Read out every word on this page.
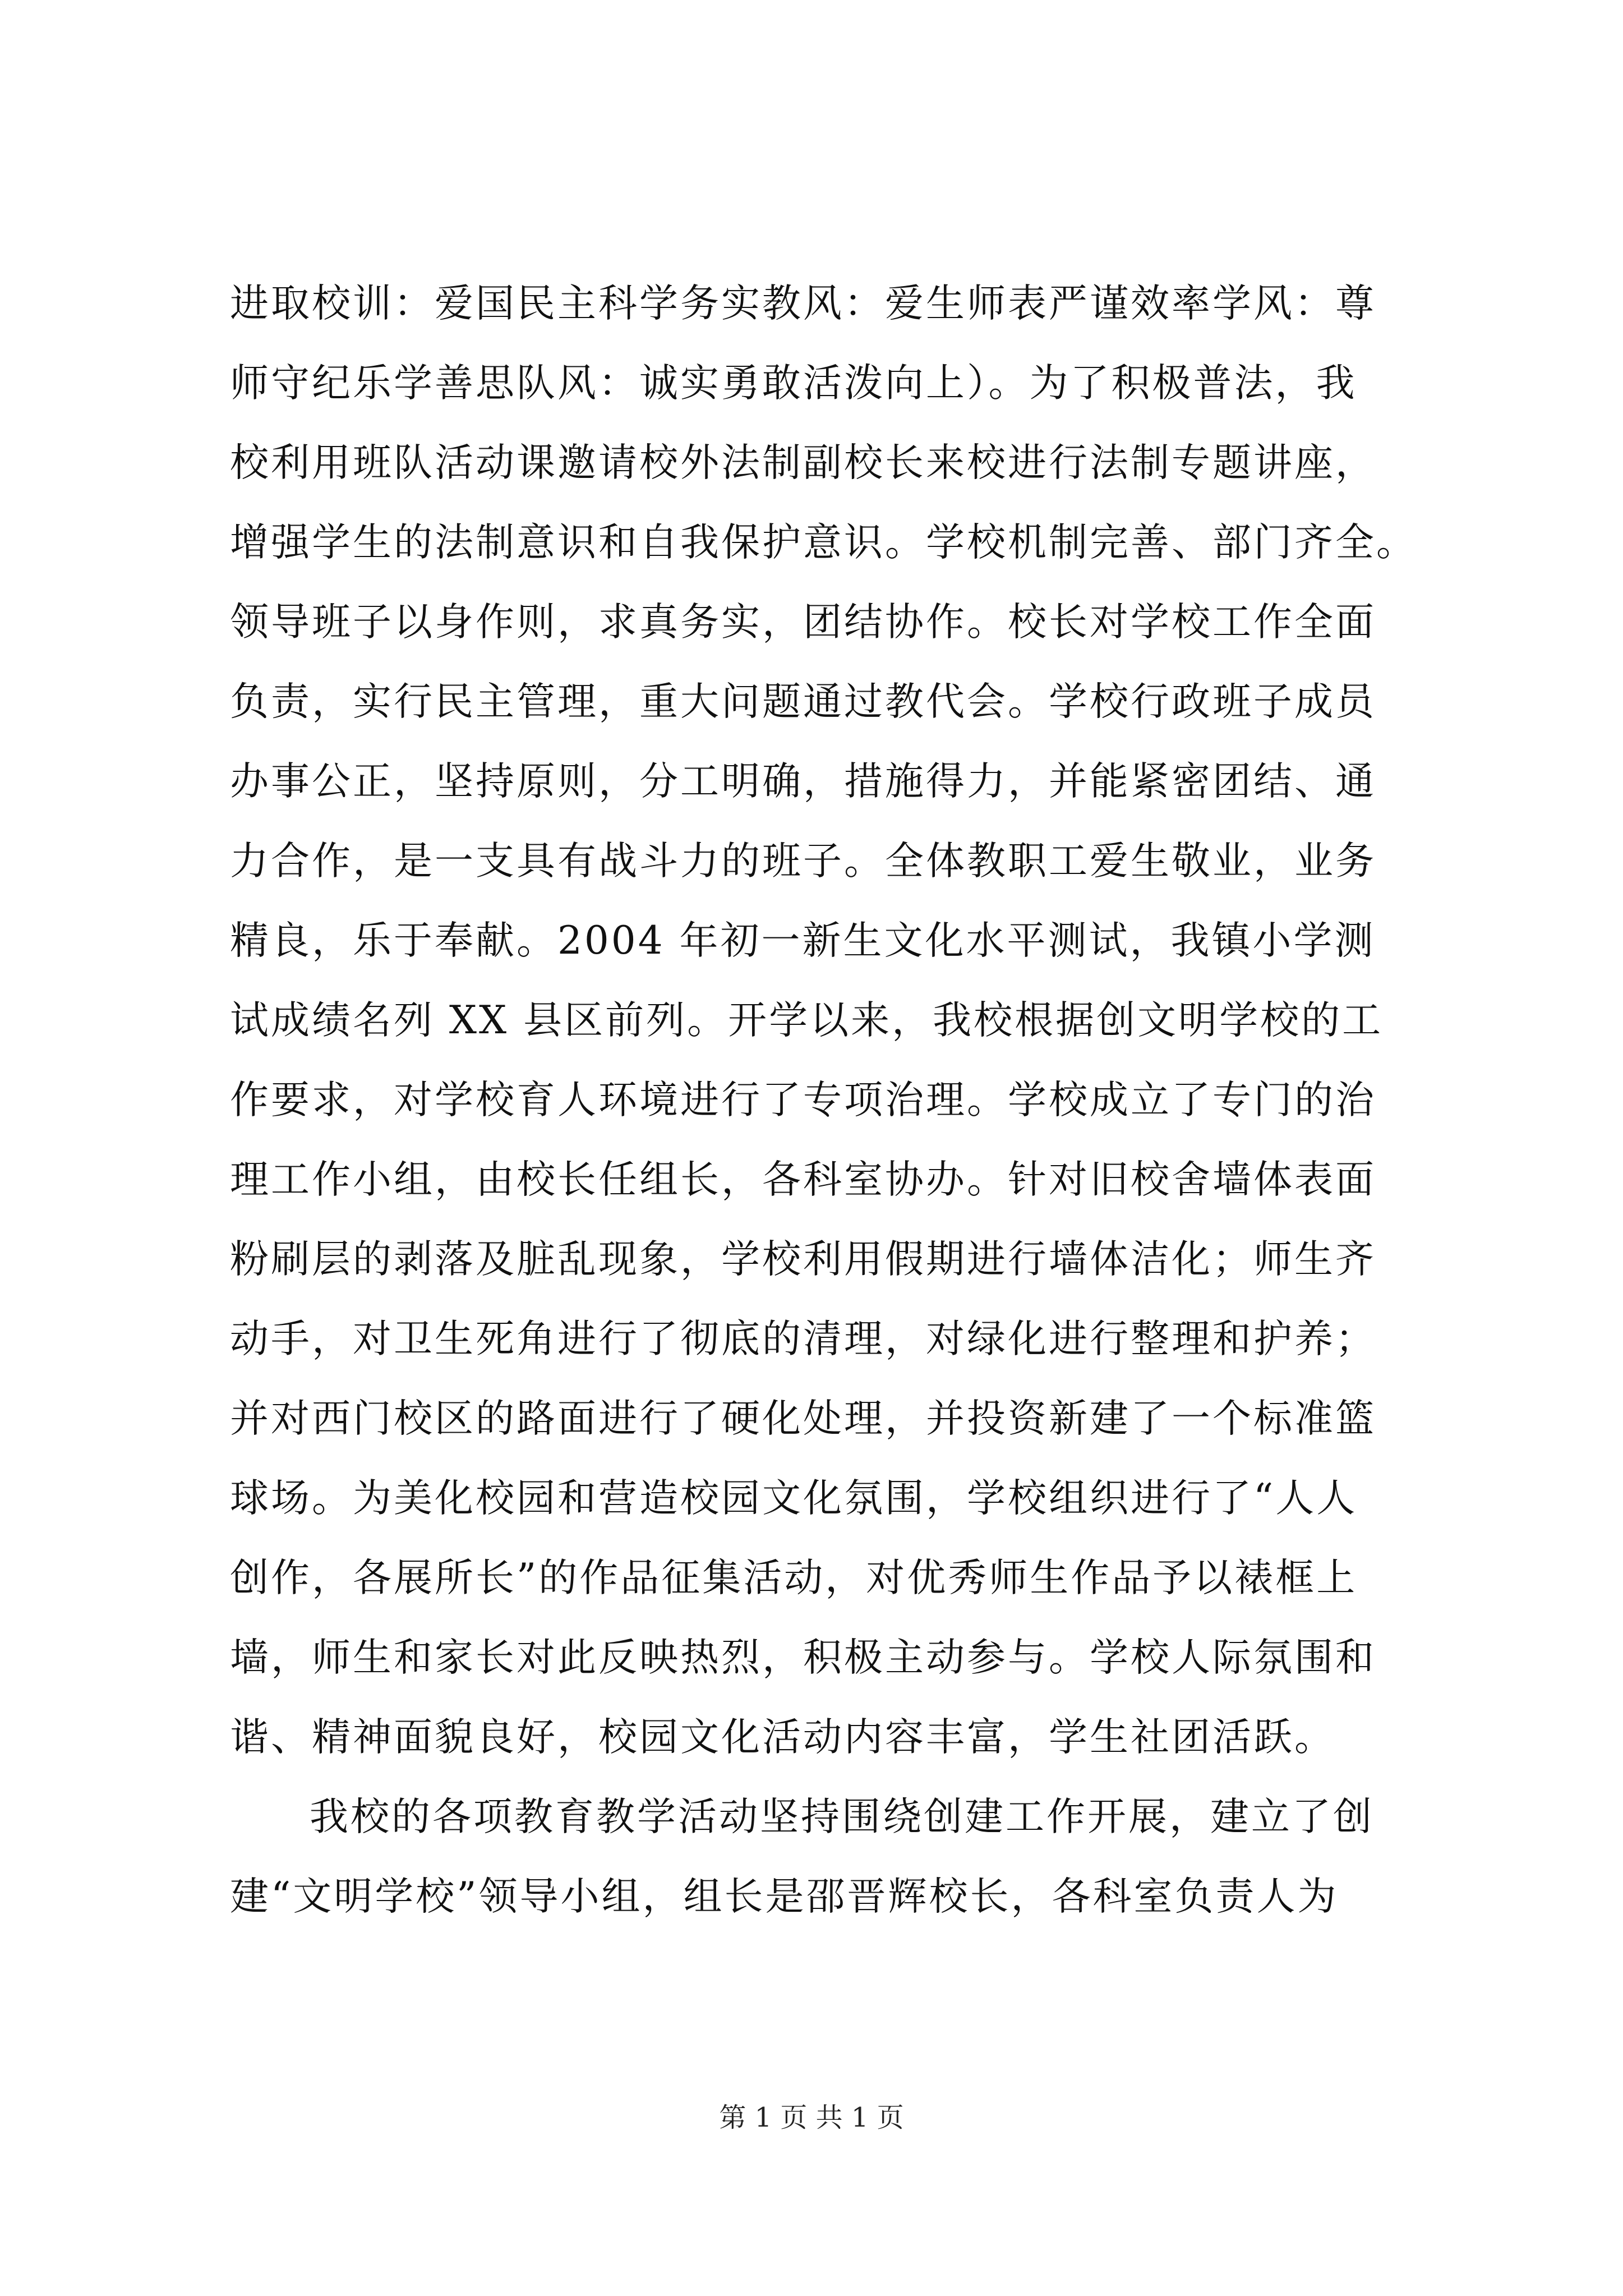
进取校训：爱国民主科学务实教风：爱生师表严谨效率学风：尊
师守纪乐学善思队风：诚实勇敢活泼向上）。为了积极普法，我
校利用班队活动课邀请校外法制副校长来校进行法制专题讲座，
增强学生的法制意识和自我保护意识。学校机制完善、部门齐全。
领导班子以身作则，求真务实，团结协作。校长对学校工作全面
负责，实行民主管理，重大问题通过教代会。学校行政班子成员
办事公正，坚持原则，分工明确，措施得力，并能紧密团结、通
力合作，是一支具有战斗力的班子。全体教职工爱生敬业，业务
精良，乐于奉献。2004 年初一新生文化水平测试，我镇小学测
试成绩名列 XX 县区前列。开学以来，我校根据创文明学校的工
作要求，对学校育人环境进行了专项治理。学校成立了专门的治
理工作小组，由校长任组长，各科室协办。针对旧校舍墙体表面
粉刷层的剥落及脏乱现象，学校利用假期进行墙体洁化；师生齐
动手，对卫生死角进行了彻底的清理，对绿化进行整理和护养；
并对西门校区的路面进行了硬化处理，并投资新建了一个标准篮
球场。为美化校园和营造校园文化氛围，学校组织进行了“人人
创作，各展所长”的作品征集活动，对优秀师生作品予以裱框上
墙，师生和家长对此反映热烈，积极主动参与。学校人际氛围和
谐、精神面貌良好，校园文化活动内容丰富，学生社团活跃。
我校的各项教育教学活动坚持围绕创建工作开展，建立了创
建“文明学校”领导小组，组长是邵晋辉校长，各科室负责人为
第 1 页 共 1 页
